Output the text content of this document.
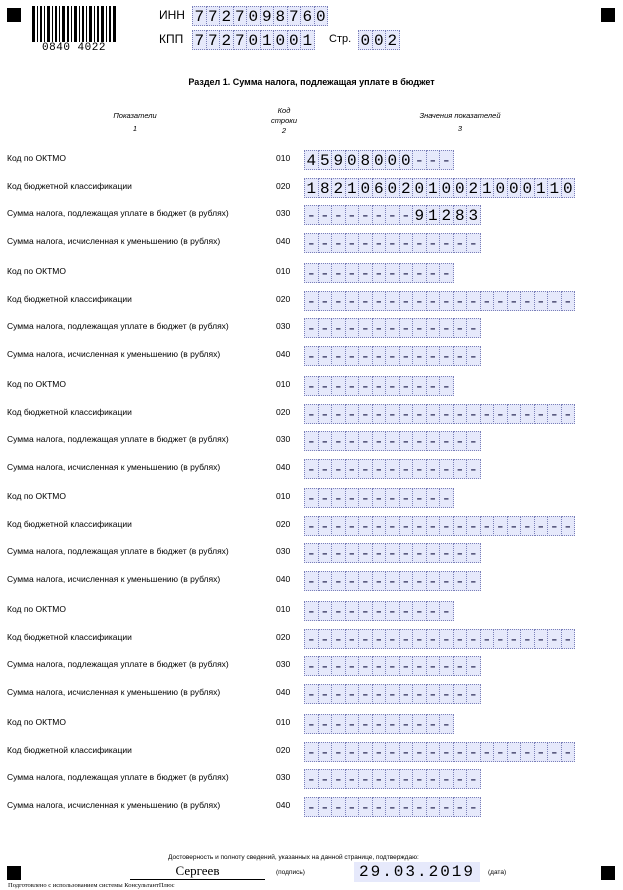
0840 4022
ИНН 7 7 2 7 0 9 8 7 6 0
КПП 7 7 2 7 0 1 0 0 1 Стр. 0 0 2
Раздел 1. Сумма налога, подлежащая уплате в бюджет
Показатели
1
Код
строки
2
Значения показателей
3
Код по ОКТМО	010 4 5 9 0 8 0 0 0 - - -
Код бюджетной классификации	020 1 8 2 1 0 6 0 2 0 1 0 0 2 1 0 0 0 1 1 0
Сумма налога, подлежащая уплате в бюджет (в рублях)	030 - - - - - - - - 9 1 2 8 3
Сумма налога, исчисленная к уменьшению (в рублях)	040 - - - - - - - - - - - - -
Код по ОКТМО	010 - - - - - - - - - - -
Код бюджетной классификации	020 - - - - - - - - - - - - - - - - - - - -
Сумма налога, подлежащая уплате в бюджет (в рублях)	030 - - - - - - - - - - - - -
Сумма налога, исчисленная к уменьшению (в рублях)	040 - - - - - - - - - - - - -
Код по ОКТМО	010 - - - - - - - - - - -
Код бюджетной классификации	020 - - - - - - - - - - - - - - - - - - - -
Сумма налога, подлежащая уплате в бюджет (в рублях)	030 - - - - - - - - - - - - -
Сумма налога, исчисленная к уменьшению (в рублях)	040 - - - - - - - - - - - - -
Код по ОКТМО	010 - - - - - - - - - - -
Код бюджетной классификации	020 - - - - - - - - - - - - - - - - - - - -
Сумма налога, подлежащая уплате в бюджет (в рублях)	030 - - - - - - - - - - - - -
Сумма налога, исчисленная к уменьшению (в рублях)	040 - - - - - - - - - - - - -
Код по ОКТМО	010 - - - - - - - - - - -
Код бюджетной классификации	020 - - - - - - - - - - - - - - - - - - - -
Сумма налога, подлежащая уплате в бюджет (в рублях)	030 - - - - - - - - - - - - -
Сумма налога, исчисленная к уменьшению (в рублях)	040 - - - - - - - - - - - - -
Код по ОКТМО	010 - - - - - - - - - - -
Код бюджетной классификации	020 - - - - - - - - - - - - - - - - - - - -
Сумма налога, подлежащая уплате в бюджет (в рублях)	030 - - - - - - - - - - - - -
Сумма налога, исчисленная к уменьшению (в рублях)	040 - - - - - - - - - - - - -
Достоверность и полноту сведений, указанных на данной странице, подтверждаю:
Сергеев	(подпись)	29.03.2019	(дата)
Подготовлено с использованием системы КонсультантПлюс
